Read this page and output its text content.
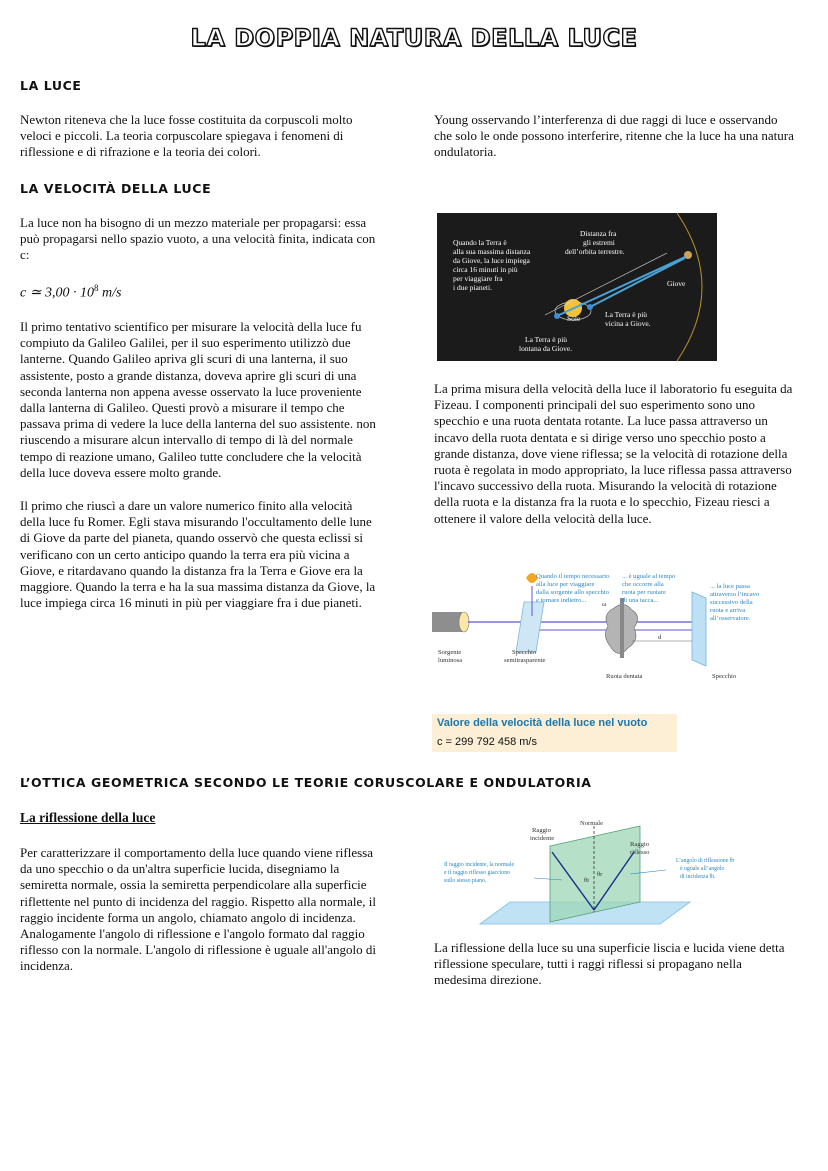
LA DOPPIA NATURA DELLA LUCE
LA LUCE
Newton riteneva che la luce fosse costituita da corpuscoli molto veloci e piccoli. La teoria corpuscolare spiegava i fenomeni di riflessione e di rifrazione e la teoria dei colori.
Young osservando l’interferenza di due raggi di luce e osservando che solo le onde possono interferire, ritenne che la luce ha una natura ondulatoria.
LA VELOCITÀ DELLA LUCE
La luce non ha bisogno di un mezzo materiale per propagarsi: essa può propagarsi nello spazio vuoto, a una velocità finita, indicata con c:
c ≃ $3,00 \cdot 10^8$ m/s
Il primo tentativo scientifico per misurare la velocità della luce fu compiuto da Galileo Galilei, per il suo esperimento utilizzò due lanterne. Quando Galileo apriva gli scuri di una lanterna, il suo assistente, posto a grande distanza, doveva aprire gli scuri di una seconda lanterna non appena avesse osservato la luce proveniente dalla lanterna di Galileo. Questi provò a misurare il tempo che passava prima di vedere la luce della lanterna del suo assistente. non riuscendo a misurare alcun intervallo di tempo di là del normale tempo di reazione umano, Galileo tutte concludere che la velocità della luce doveva essere molto grande.
Il primo che riuscì a dare un valore numerico finito alla velocità della luce fu Romer. Egli stava misurando l'occultamento delle lune di Giove da parte del pianeta, quando osservò che questa eclissi si verificano con un certo anticipo quando la terra era più vicina a Giove, e ritardavano quando la distanza fra la Terra e Giove era la maggiore. Quando la terra e ha la sua massima distanza da Giove, la luce impiega circa 16 minuti in più per viaggiare fra i due pianeti.
Quando la Terra è
alla sua massima distanza
da Giove, la luce impiega
circa 16 minuti in più
per viaggiare fra
i due pianeti.
Distanza fra
gli estremi
dell’orbita terrestre.
Giove
Sole	La Terra è più
vicina a Giove.
La Terra è più
lontana da Giove.
La prima misura della velocità della luce il laboratorio fu eseguita da Fizeau. I componenti principali del suo esperimento sono uno specchio e una ruota dentata rotante. La luce passa attraverso un incavo della ruota dentata e si dirige verso uno specchio posto a grande distanza, dove viene riflessa; se la velocità di rotazione della ruota è regolata in modo appropriato, la luce riflessa passa attraverso l'incavo successivo della ruota. Misurando la velocità di rotazione della ruota e la distanza fra la ruota e lo specchio, Fizeau riesci a ottenere il valore della velocità della luce.
Quando il tempo necessario
alla luce per viaggiare
dalla sorgente allo specchio
e tornare indietro...
... è uguale al tempo
che occorre alla
ruota per ruotare
di una tacca...
... la luce passa
attraverso l’incavo
successivo della
ruota e arriva
all’osservatore.
Sorgente
luminosa
Specchio
semitrasparente
Ruota dentata	Specchio
ω
d
Valore della velocità della luce nel vuoto
c = 299 792 458 m/s
L’OTTICA GEOMETRICA SECONDO LE TEORIE CORUSCOLARE E ONDULATORIA
La riflessione della luce
Per caratterizzare il comportamento della luce quando viene riflessa da uno specchio o da un'altra superficie lucida, disegniamo la semiretta normale, ossia la semiretta perpendicolare alla superficie riflettente nel punto di incidenza del raggio. Rispetto alla normale, il raggio incidente forma un angolo, chiamato angolo di incidenza. Analogamente l'angolo di riflessione e l'angolo formato dal raggio riflesso con la normale. L'angolo di riflessione è uguale all'angolo di incidenza.
Normale
Raggio
incidente
Raggio
riflesso
θi
θr
Il raggio incidente, la normale
e il raggio riflesso giacciono
sullo stesso piano.
L’angolo di riflessione θr
è uguale all’angolo
di incidenza θi.
La riflessione della luce su una superficie liscia e lucida viene detta riflessione speculare, tutti i raggi riflessi si propagano nella medesima direzione.
